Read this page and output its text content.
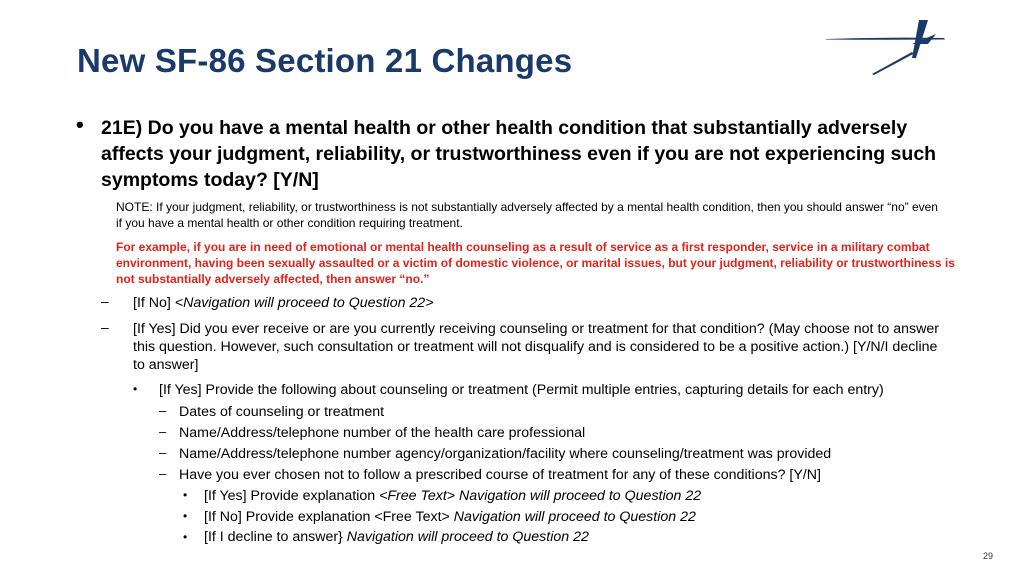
New SF-86 Section 21 Changes
• 21E) Do you have a mental health or other health condition that substantially adversely affects your judgment, reliability, or trustworthiness even if you are not experiencing such symptoms today? [Y/N]
NOTE: If your judgment, reliability, or trustworthiness is not substantially adversely affected by a mental health condition, then you should answer “no” even if you have a mental health or other condition requiring treatment.
For example, if you are in need of emotional or mental health counseling as a result of service as a first responder, service in a military combat environment, having been sexually assaulted or a victim of domestic violence, or marital issues, but your judgment, reliability or trustworthiness is not substantially adversely affected, then answer “no.”
– [If No] <Navigation will proceed to Question 22>
– [If Yes] Did you ever receive or are you currently receiving counseling or treatment for that condition? (May choose not to answer this question. However, such consultation or treatment will not disqualify and is considered to be a positive action.) [Y/N/I decline to answer]
• [If Yes] Provide the following about counseling or treatment (Permit multiple entries, capturing details for each entry)
– Dates of counseling or treatment
– Name/Address/telephone number of the health care professional
– Name/Address/telephone number agency/organization/facility where counseling/treatment was provided
– Have you ever chosen not to follow a prescribed course of treatment for any of these conditions? [Y/N]
• [If Yes] Provide explanation <Free Text> Navigation will proceed to Question 22
• [If No] Provide explanation <Free Text> Navigation will proceed to Question 22
• [If I decline to answer} Navigation will proceed to Question 22
29
